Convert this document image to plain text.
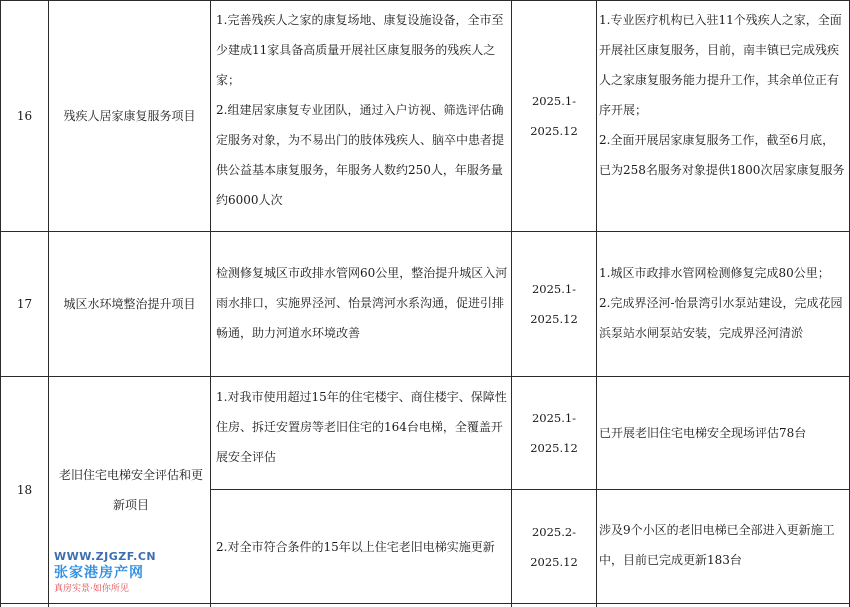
16	残疾人居家康复服务项目
1.完善残疾人之家的康复场地、康复设施设备，全市至少建成11家具备高质量开展社区康复服务的残疾人之家；
2.组建居家康复专业团队，通过入户访视、筛选评估确定服务对象，为不易出门的肢体残疾人、脑卒中患者提供公益基本康复服务，年服务人数约250人，年服务量约6000人次
2025.1-2025.12
1.专业医疗机构已入驻11个残疾人之家，全面开展社区康复服务，目前，南丰镇已完成残疾人之家康复服务能力提升工作，其余单位正有序开展；
2.全面开展居家康复服务工作，截至6月底，已为258名服务对象提供1800次居家康复服务
17	城区水环境整治提升项目
检测修复城区市政排水管网60公里，整治提升城区入河雨水排口，实施界泾河、怡景湾河水系沟通，促进引排畅通，助力河道水环境改善
2025.1-2025.12
1.城区市政排水管网检测修复完成80公里；
2.完成界泾河-怡景湾引水泵站建设，完成花园浜泵站水闸泵站安装，完成界泾河清淤
18
老旧住宅电梯安全评估和更新项目
1.对我市使用超过15年的住宅楼宇、商住楼宇、保障性住房、拆迁安置房等老旧住宅的164台电梯，全覆盖开展安全评估
2025.1-2025.12
已开展老旧住宅电梯安全现场评估78台
2.对全市符合条件的15年以上住宅老旧电梯实施更新
2025.2-2025.12
涉及9个小区的老旧电梯已全部进入更新施工中，目前已完成更新183台
WWW.ZJGZF.CN
张家港房产网
真房实景·如你所见
